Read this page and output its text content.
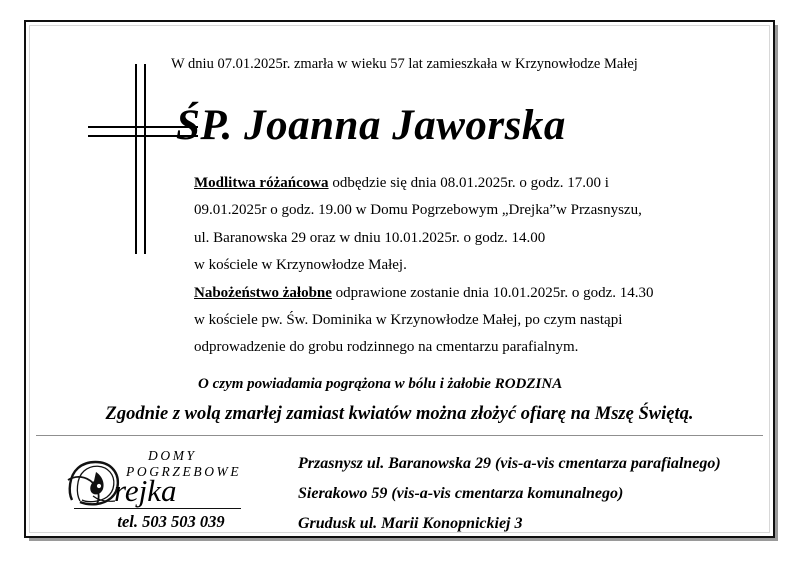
W dniu 07.01.2025r. zmarła w wieku 57 lat zamieszkała w Krzynowłodze Małej
ŚP. Joanna Jaworska
Modlitwa różańcowa odbędzie się dnia 08.01.2025r. o godz. 17.00 i
09.01.2025r o godz. 19.00 w Domu Pogrzebowym „Drejka”w Przasnyszu,
ul. Baranowska 29 oraz w dniu 10.01.2025r. o godz. 14.00
w kościele w Krzynowłodze Małej.
Nabożeństwo żałobne odprawione zostanie dnia 10.01.2025r. o godz. 14.30
w kościele pw. Św. Dominika w Krzynowłodze Małej, po czym nastąpi
odprowadzenie do grobu rodzinnego na cmentarzu parafialnym.
O czym powiadamia pogrążona w bólu i żałobie RODZINA
Zgodnie z wolą zmarłej zamiast kwiatów można złożyć ofiarę na Mszę Świętą.
DOMY
POGRZEBOWE
rejka
tel. 503 503 039
Przasnysz ul. Baranowska 29 (vis-a-vis cmentarza parafialnego)
Sierakowo 59 (vis-a-vis cmentarza komunalnego)
Grudusk ul. Marii Konopnickiej 3
